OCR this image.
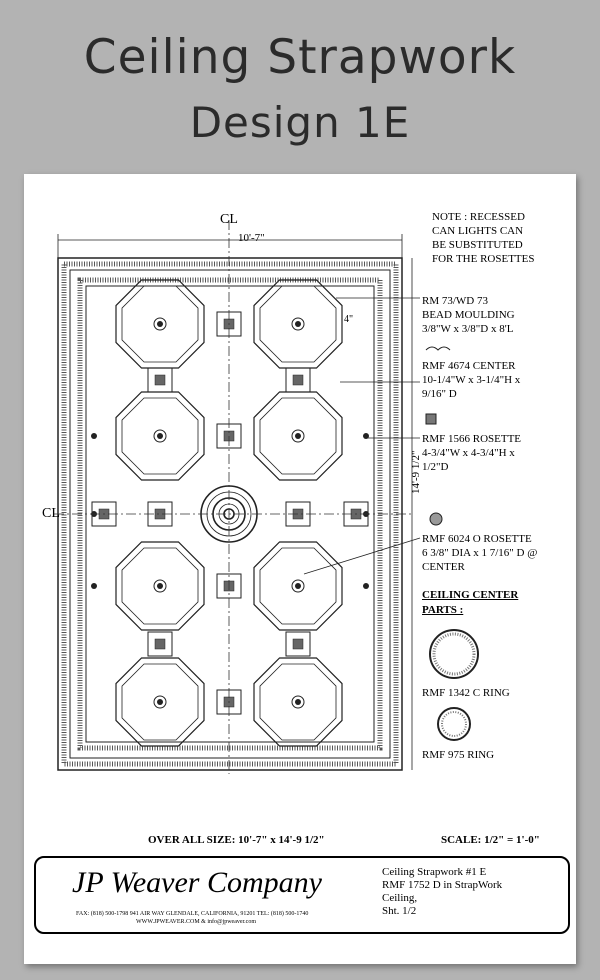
Ceiling Strapwork
Design 1E
CL
CL
10'-7"
14'-9 1/2"
4"
NOTE : RECESSED
CAN LIGHTS CAN
BE SUBSTITUTED
FOR THE ROSETTES
RM 73/WD 73
BEAD MOULDING
3/8"W x 3/8"D x 8'L
RMF 4674 CENTER
10-1/4"W x 3-1/4"H x
9/16" D
RMF 1566 ROSETTE
4-3/4"W x 4-3/4"H x
1/2"D
RMF 6024 O ROSETTE
6 3/8" DIA x 1 7/16" D @
CENTER
CEILING CENTER
PARTS :
RMF 1342 C RING
RMF 975 RING
OVER ALL SIZE: 10'-7" x 14'-9 1/2"	SCALE: 1/2" = 1'-0"
JP Weaver Company
FAX: (818) 500-1798 941 AIR WAY GLENDALE, CALIFORNIA, 91201 TEL: (818) 500-1740
WWW.JPWEAVER.COM & info@jpweaver.com
Ceiling Strapwork #1 E
RMF 1752 D in StrapWork
Ceiling,
Sht. 1/2
